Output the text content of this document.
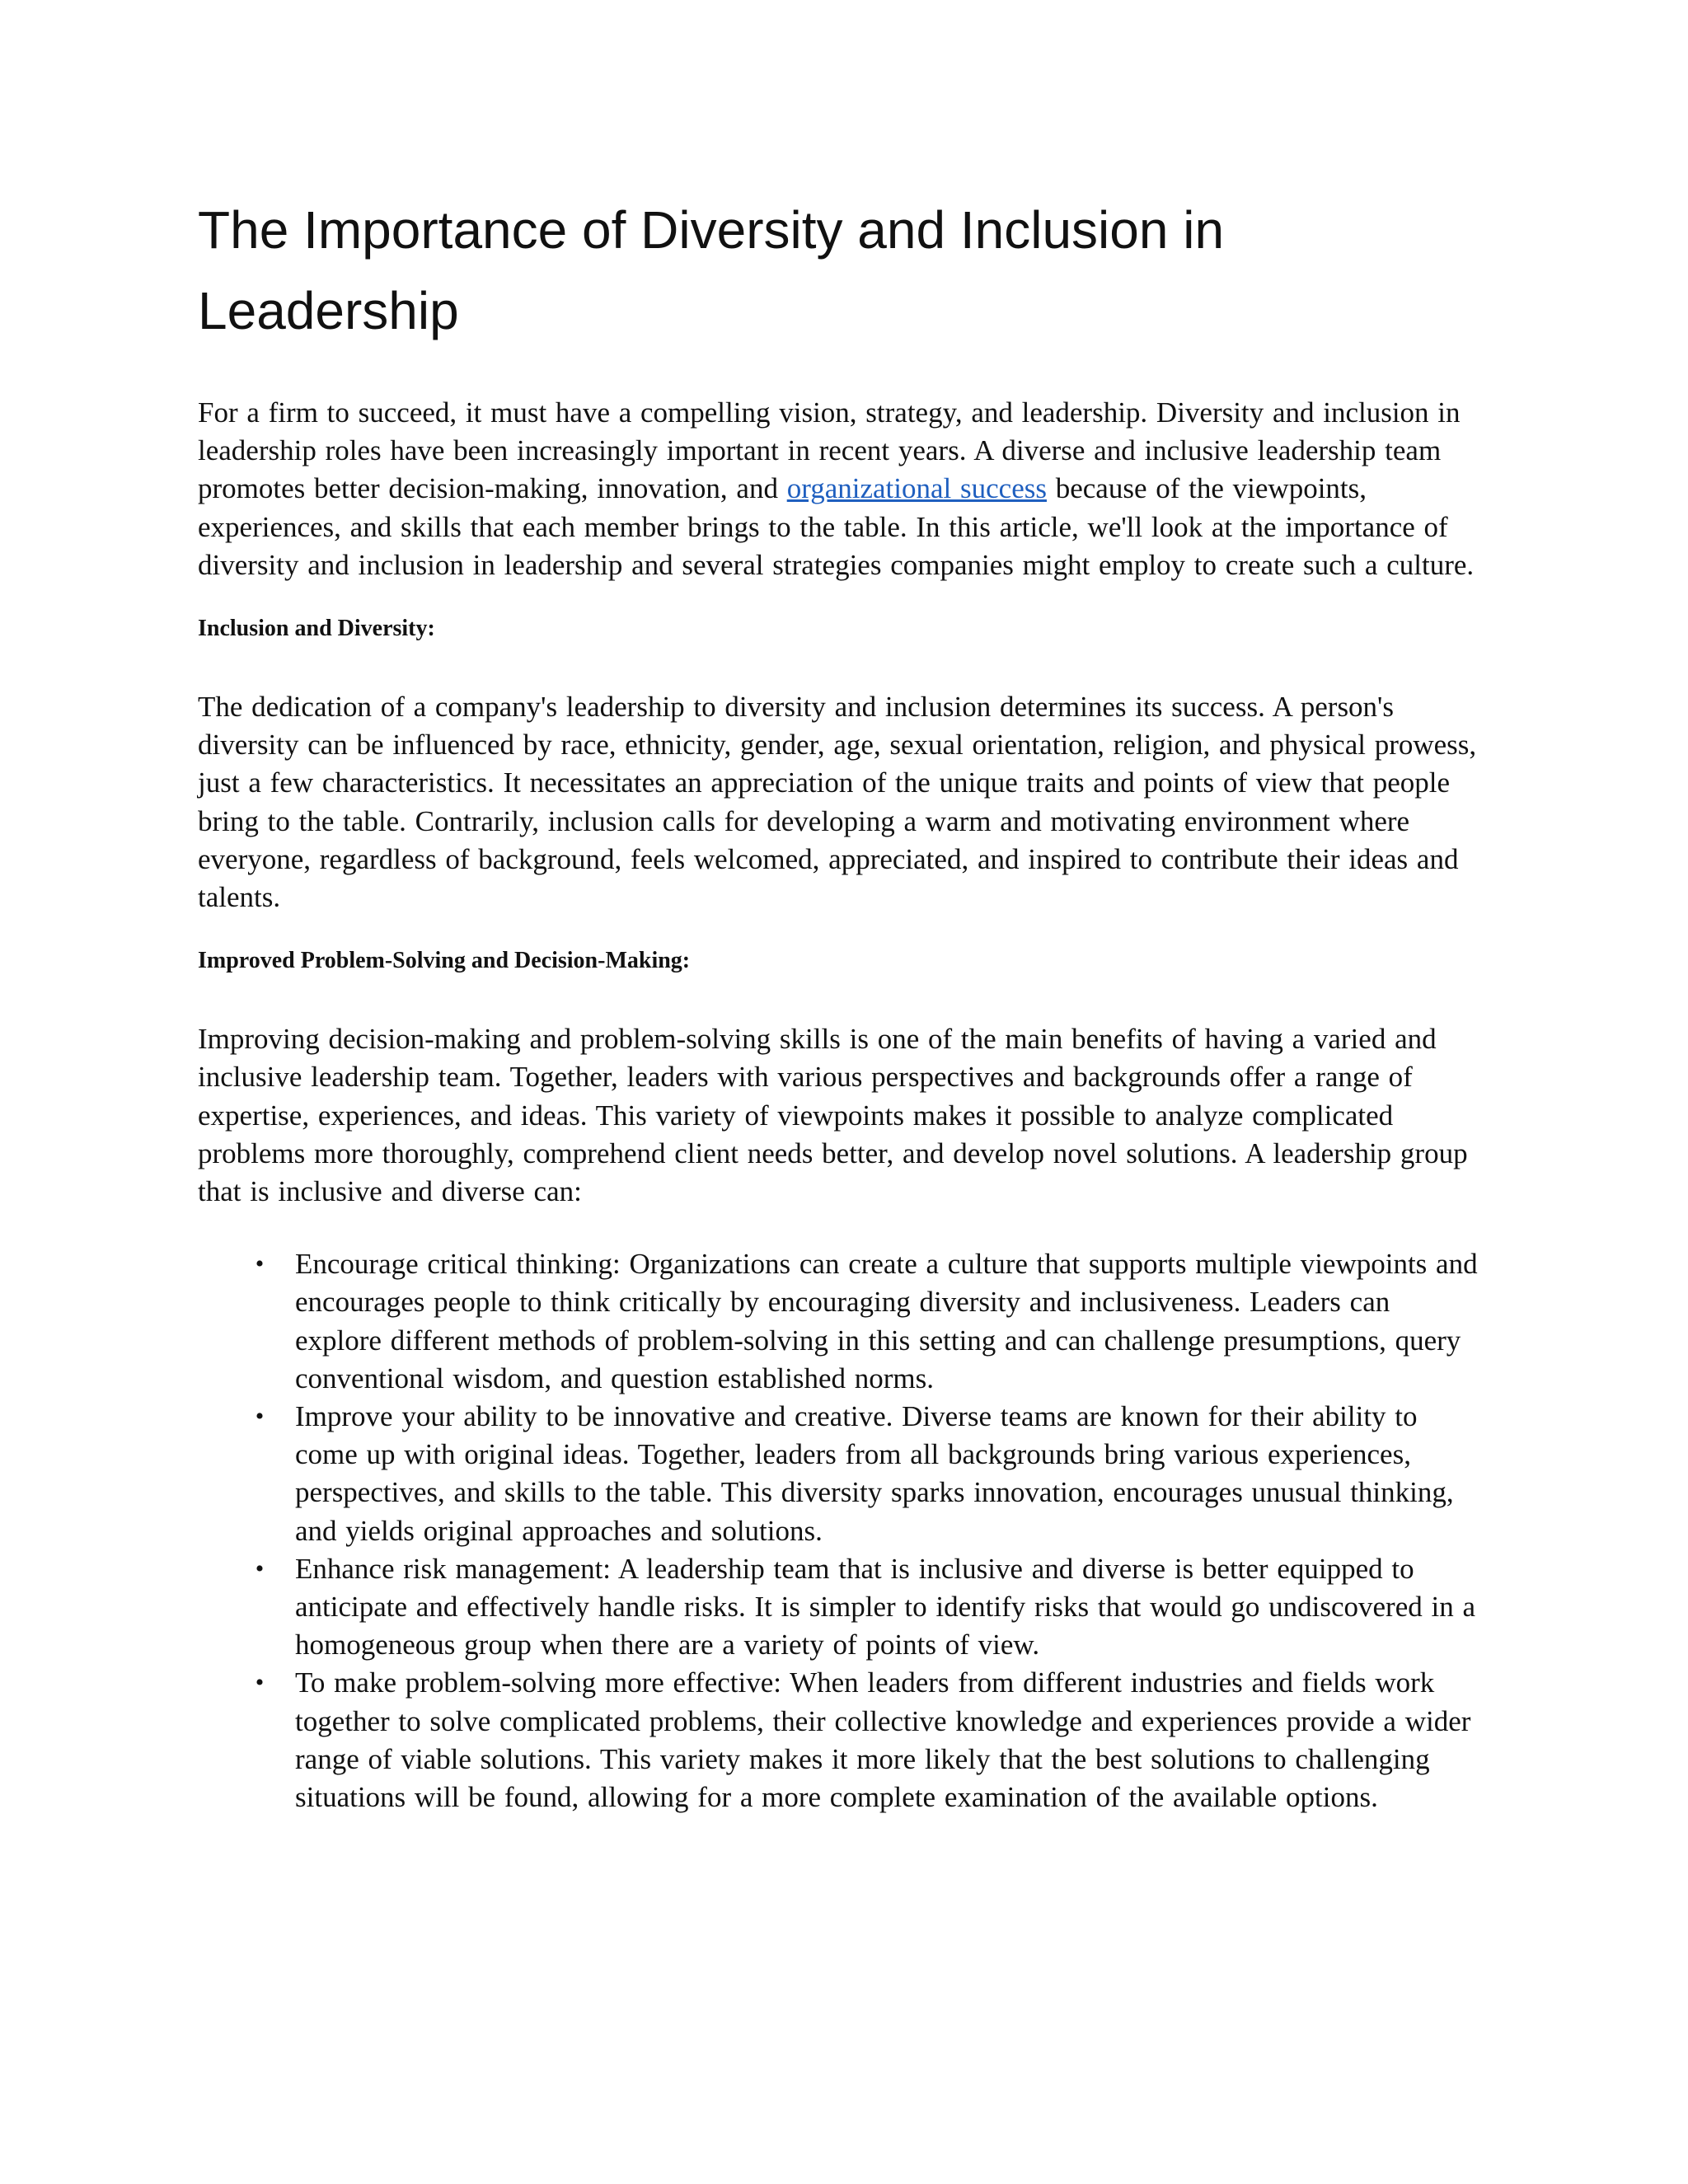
The Importance of Diversity and Inclusion in Leadership

For a firm to succeed, it must have a compelling vision, strategy, and leadership. Diversity and inclusion in leadership roles have been increasingly important in recent years. A diverse and inclusive leadership team promotes better decision-making, innovation, and organizational success because of the viewpoints, experiences, and skills that each member brings to the table. In this article, we'll look at the importance of diversity and inclusion in leadership and several strategies companies might employ to create such a culture.

Inclusion and Diversity:

The dedication of a company's leadership to diversity and inclusion determines its success. A person's diversity can be influenced by race, ethnicity, gender, age, sexual orientation, religion, and physical prowess, just a few characteristics. It necessitates an appreciation of the unique traits and points of view that people bring to the table. Contrarily, inclusion calls for developing a warm and motivating environment where everyone, regardless of background, feels welcomed, appreciated, and inspired to contribute their ideas and talents.

Improved Problem-Solving and Decision-Making:

Improving decision-making and problem-solving skills is one of the main benefits of having a varied and inclusive leadership team. Together, leaders with various perspectives and backgrounds offer a range of expertise, experiences, and ideas. This variety of viewpoints makes it possible to analyze complicated problems more thoroughly, comprehend client needs better, and develop novel solutions. A leadership group that is inclusive and diverse can:

• Encourage critical thinking: Organizations can create a culture that supports multiple viewpoints and encourages people to think critically by encouraging diversity and inclusiveness. Leaders can explore different methods of problem-solving in this setting and can challenge presumptions, query conventional wisdom, and question established norms.
• Improve your ability to be innovative and creative. Diverse teams are known for their ability to come up with original ideas. Together, leaders from all backgrounds bring various experiences, perspectives, and skills to the table. This diversity sparks innovation, encourages unusual thinking, and yields original approaches and solutions.
• Enhance risk management: A leadership team that is inclusive and diverse is better equipped to anticipate and effectively handle risks. It is simpler to identify risks that would go undiscovered in a homogeneous group when there are a variety of points of view.
• To make problem-solving more effective: When leaders from different industries and fields work together to solve complicated problems, their collective knowledge and experiences provide a wider range of viable solutions. This variety makes it more likely that the best solutions to challenging situations will be found, allowing for a more complete examination of the available options.
